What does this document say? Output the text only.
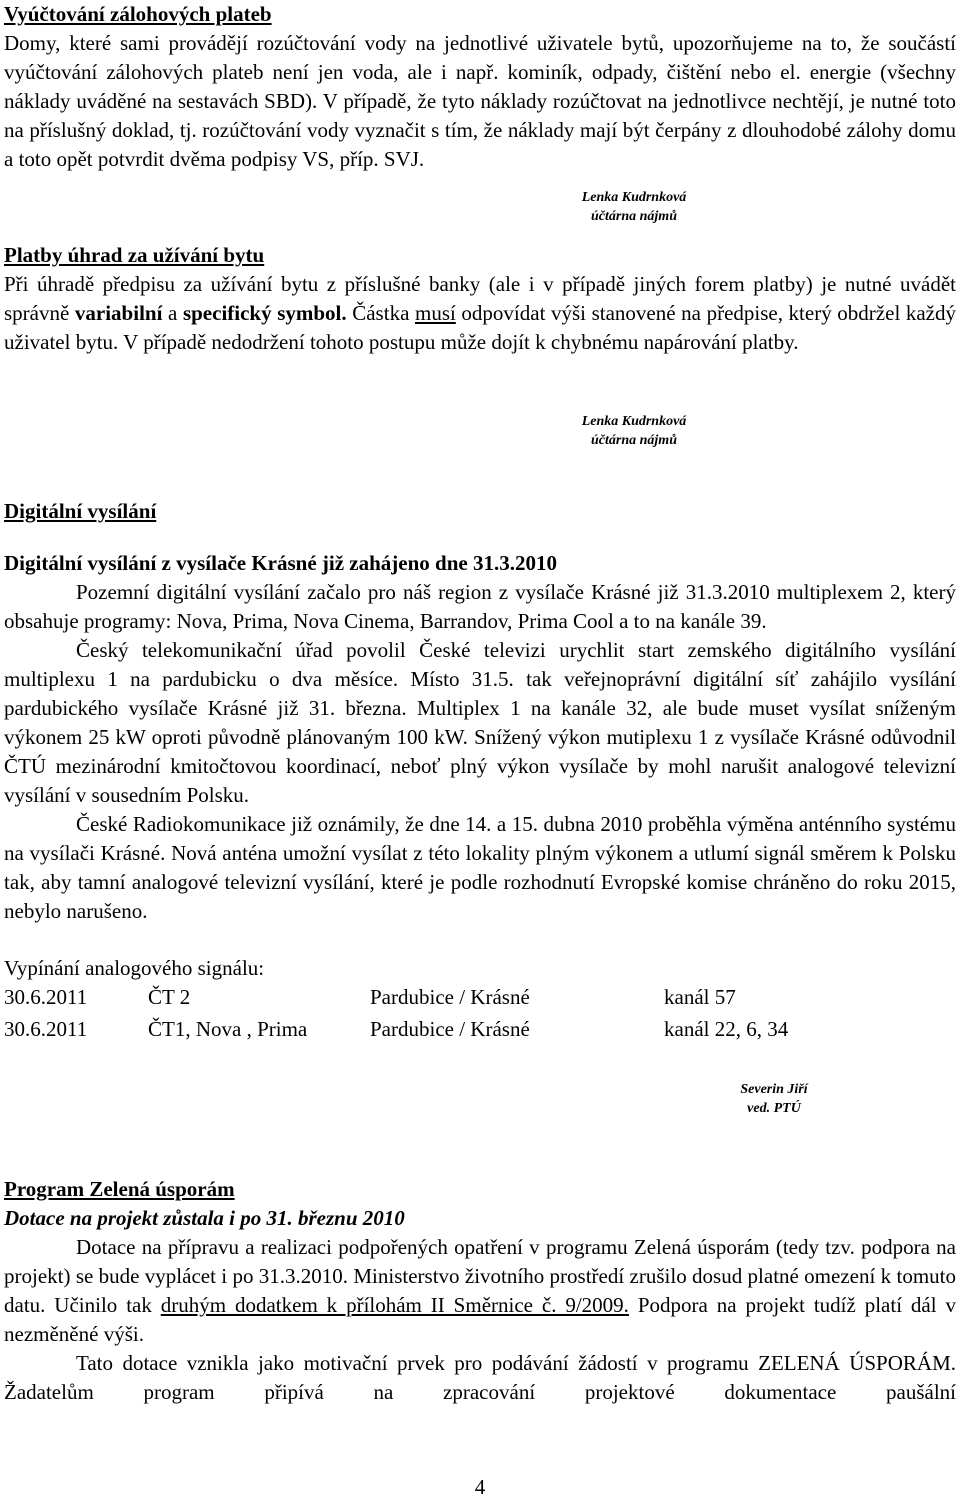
Vyúčtování zálohových plateb

Domy, které sami provádějí rozúčtování vody na jednotlivé uživatele bytů, upozorňujeme na to, že součástí vyúčtování zálohových plateb není jen voda, ale i např. kominík, odpady, čištění nebo el. energie (všechny náklady uváděné na sestavách SBD). V případě, že tyto náklady rozúčtovat na jednotlivce nechtějí, je nutné toto na příslušný doklad, tj. rozúčtování vody vyznačit s tím, že náklady mají být čerpány z dlouhodobé zálohy domu a toto opět potvrdit dvěma podpisy VS, příp. SVJ.

Lenka Kudrnková
účtárna nájmů

Platby úhrad za užívání bytu

Při úhradě předpisu za užívání bytu z příslušné banky (ale i v případě jiných forem platby) je nutné uvádět správně variabilní a specifický symbol. Částka musí odpovídat výši stanovené na předpise, který obdržel každý uživatel bytu. V případě nedodržení tohoto postupu může dojít k chybnému napárování platby.

Lenka Kudrnková
účtárna nájmů

Digitální vysílání

Digitální vysílání z vysílače Krásné již zahájeno dne 31.3.2010

Pozemní digitální vysílání začalo pro náš region z vysílače Krásné již 31.3.2010 multiplexem 2, který obsahuje programy: Nova, Prima, Nova Cinema, Barrandov, Prima Cool a to na kanále 39.

Český telekomunikační úřad povolil České televizi urychlit start zemského digitálního vysílání multiplexu 1 na pardubicku o dva měsíce. Místo 31.5. tak veřejnoprávní digitální síť zahájilo vysílání pardubického vysílače Krásné již 31. března. Multiplex 1 na kanále 32, ale bude muset vysílat sníženým výkonem 25 kW oproti původně plánovaným 100 kW. Snížený výkon mutiplexu 1 z vysílače Krásné odůvodnil ČTÚ mezinárodní kmitočtovou koordinací, neboť plný výkon vysílače by mohl narušit analogové televizní vysílání v sousedním Polsku.

České Radiokomunikace již oznámily, že dne 14. a 15. dubna 2010 proběhla výměna anténního systému na vysílači Krásné. Nová anténa umožní vysílat z této lokality plným výkonem a utlumí signál směrem k Polsku tak, aby tamní analogové televizní vysílání, které je podle rozhodnutí Evropské komise chráněno do roku 2015, nebylo narušeno.

Vypínání analogového signálu:

30.6.2011	ČT 2	Pardubice / Krásné	kanál 57
30.6.2011	ČT1, Nova , Prima	Pardubice / Krásné	kanál 22, 6, 34
Severin Jiří
ved. PTÚ

Program Zelená úsporám

Dotace na projekt zůstala i po 31. březnu 2010

Dotace na přípravu a realizaci podpořených opatření v programu Zelená úsporám (tedy tzv. podpora na projekt) se bude vyplácet i po 31.3.2010. Ministerstvo životního prostředí zrušilo dosud platné omezení k tomuto datu. Učinilo tak druhým dodatkem k přílohám II Směrnice č. 9/2009. Podpora na projekt tudíž platí dál v nezměněné výši.

Tato dotace vznikla jako motivační prvek pro podávání žádostí v programu ZELENÁ ÚSPORÁM. Žadatelům program připívá na zpracování projektové dokumentace paušální

4
